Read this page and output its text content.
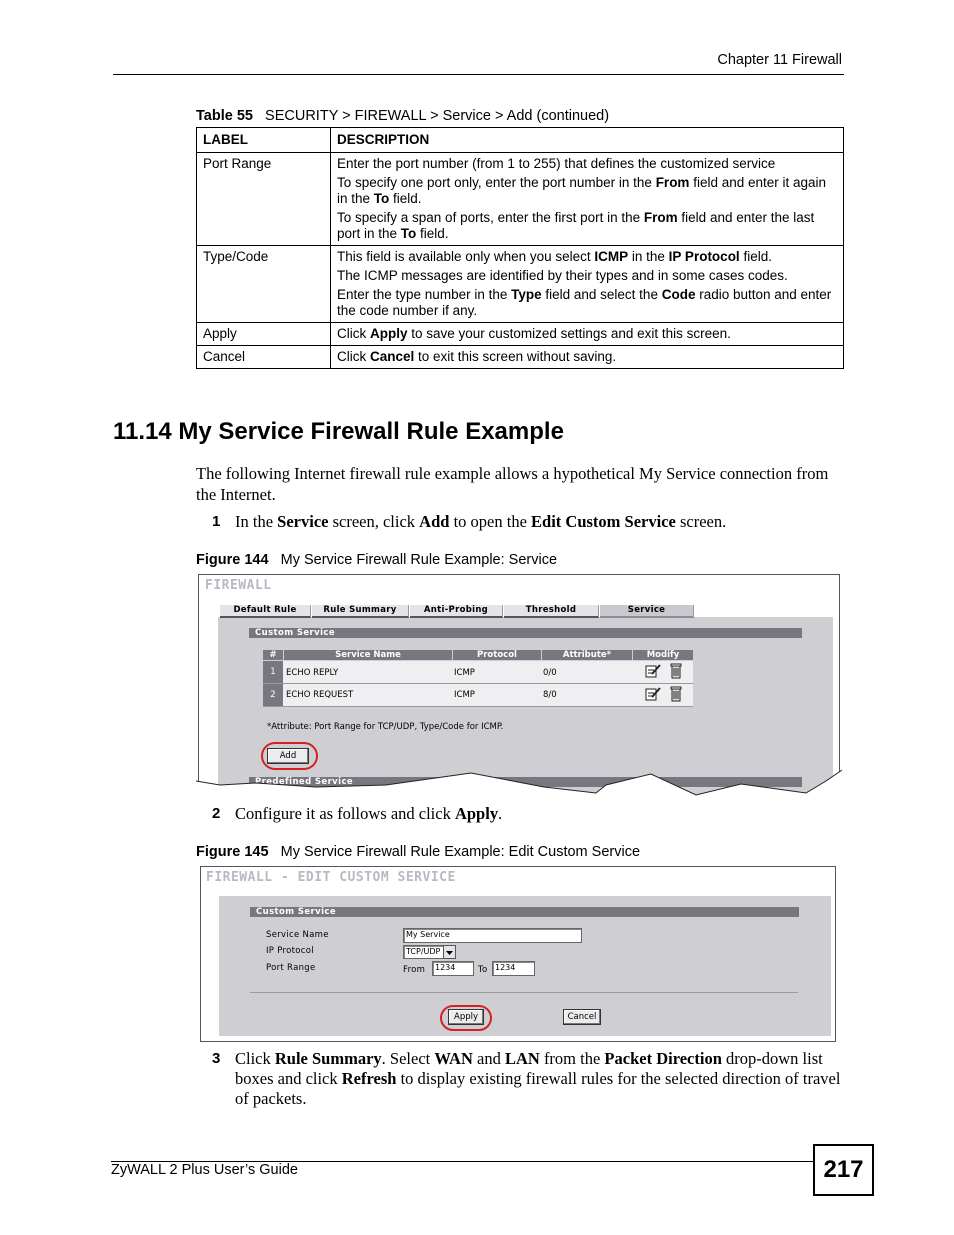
Chapter 11 Firewall
Table 55 SECURITY > FIREWALL > Service > Add (continued)
LABEL	DESCRIPTION
Port Range	Enter the port number (from 1 to 255) that defines the customized service

To specify one port only, enter the port number in the From field and enter it again in the To field.

To specify a span of ports, enter the first port in the From field and enter the last port in the To field.

Type/Code	This field is available only when you select ICMP in the IP Protocol field.

The ICMP messages are identified by their types and in some cases codes.

Enter the type number in the Type field and select the Code radio button and enter the code number if any.

Apply	Click Apply to save your customized settings and exit this screen.
Cancel	Click Cancel to exit this screen without saving.
11.14 My Service Firewall Rule Example
The following Internet firewall rule example allows a hypothetical My Service connection from the Internet.
1 In the Service screen, click Add to open the Edit Custom Service screen.
Figure 144 My Service Firewall Rule Example: Service
FIREWALL
Default Rule	Rule Summary	Anti-Probing	Threshold	Service
Custom Service
#	Service Name	Protocol	Attribute*	Modify
1	ECHO REPLY	ICMP	0/0
2	ECHO REQUEST	ICMP	8/0
*Attribute: Port Range for TCP/UDP, Type/Code for ICMP.
Add
Predefined Service
2 Configure it as follows and click Apply.
Figure 145 My Service Firewall Rule Example: Edit Custom Service
FIREWALL - EDIT CUSTOM SERVICE
Custom Service
Service Name	My Service
IP Protocol	TCP/UDP
Port Range	From	1234	To 1234
Apply	Cancel
3 Click Rule Summary. Select WAN and LAN from the Packet Direction drop-down list boxes and click Refresh to display existing firewall rules for the selected direction of travel of packets.
ZyWALL 2 Plus User’s Guide	217
